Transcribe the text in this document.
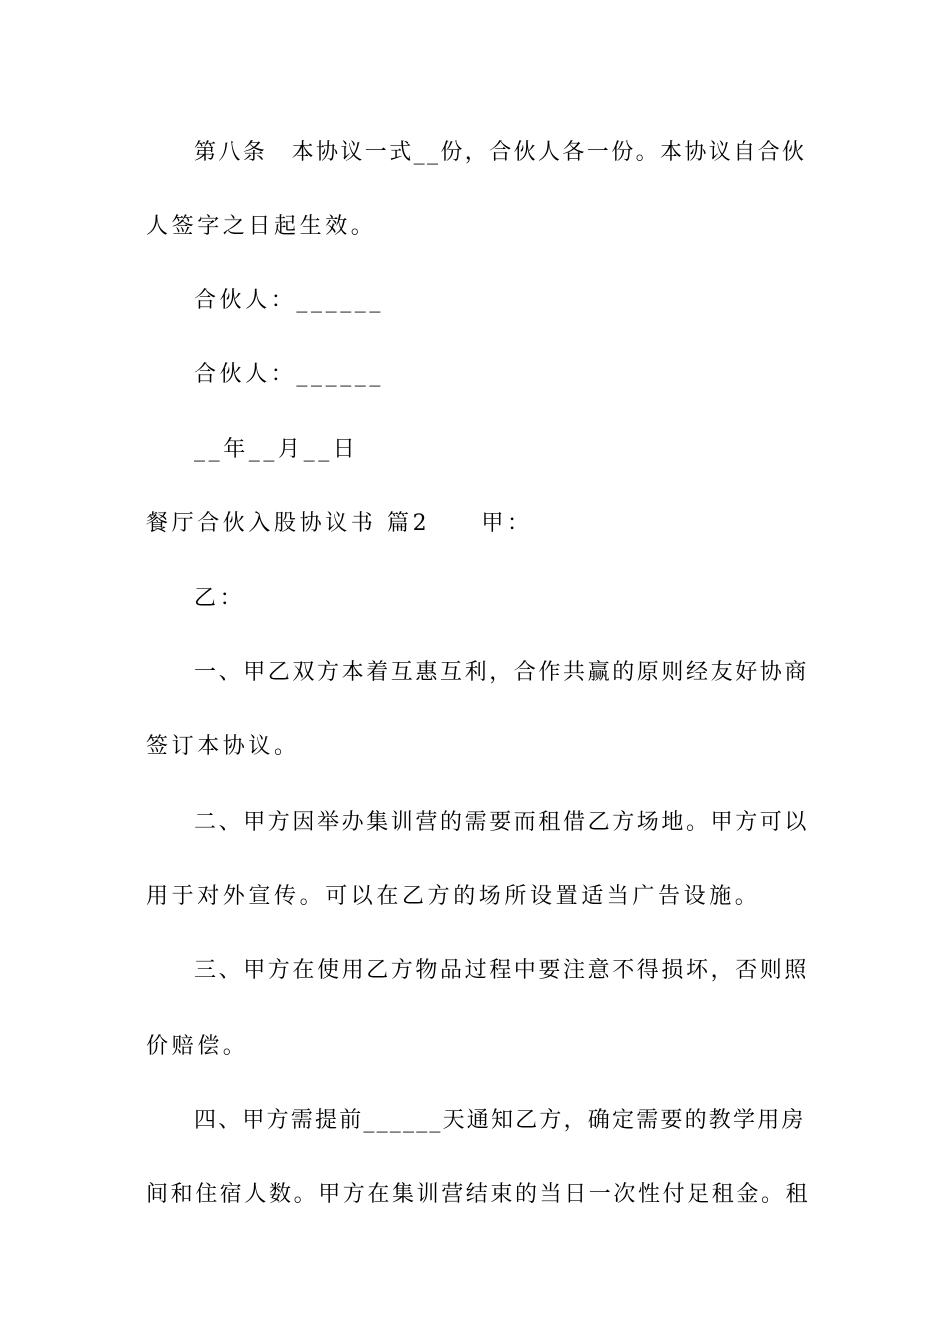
第八条　本协议一式__份，合伙人各一份。本协议自合伙
人签字之日起生效。
合伙人：______
合伙人：______
__年__月__日
餐厅合伙入股协议书 篇2　　甲：
乙：
一、甲乙双方本着互惠互利，合作共赢的原则经友好协商
签订本协议。
二、甲方因举办集训营的需要而租借乙方场地。甲方可以
用于对外宣传。可以在乙方的场所设置适当广告设施。
三、甲方在使用乙方物品过程中要注意不得损坏，否则照
价赔偿。
四、甲方需提前______天通知乙方，确定需要的教学用房
间和住宿人数。甲方在集训营结束的当日一次性付足租金。租
